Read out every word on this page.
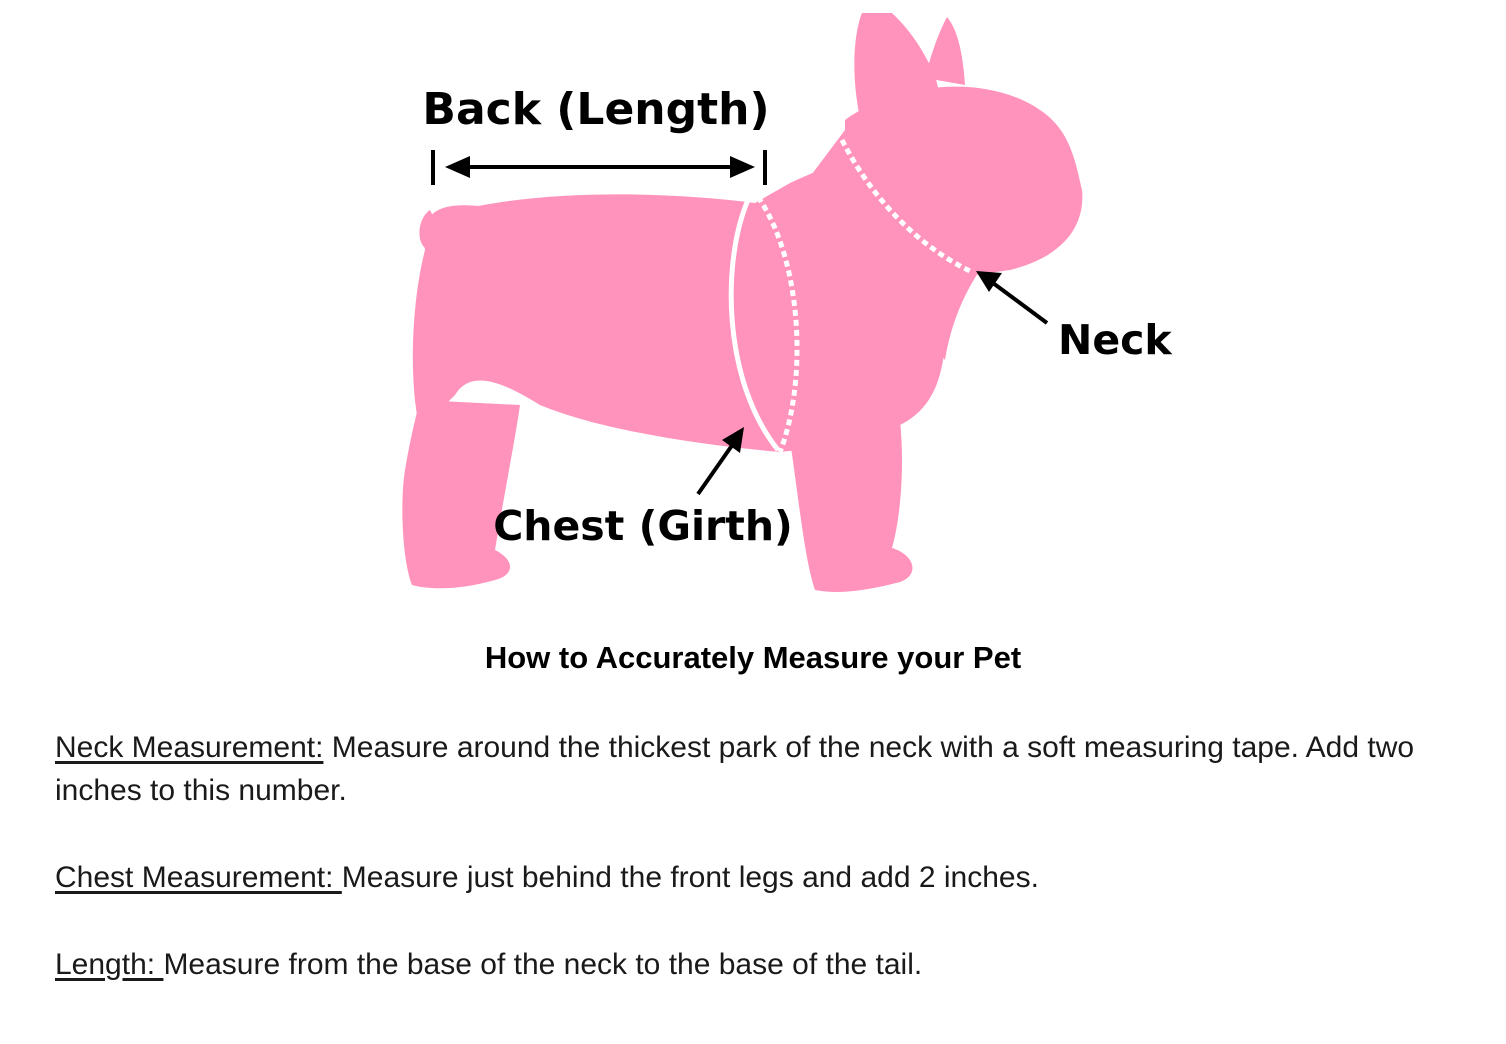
Back (Length)
Neck
Chest (Girth)
How to Accurately Measure your Pet

Neck Measurement: Measure around the thickest park of the neck with a soft measuring tape. Add two inches to this number.

Chest Measurement: Measure just behind the front legs and add 2 inches.

Length: Measure from the base of the neck to the base of the tail.
